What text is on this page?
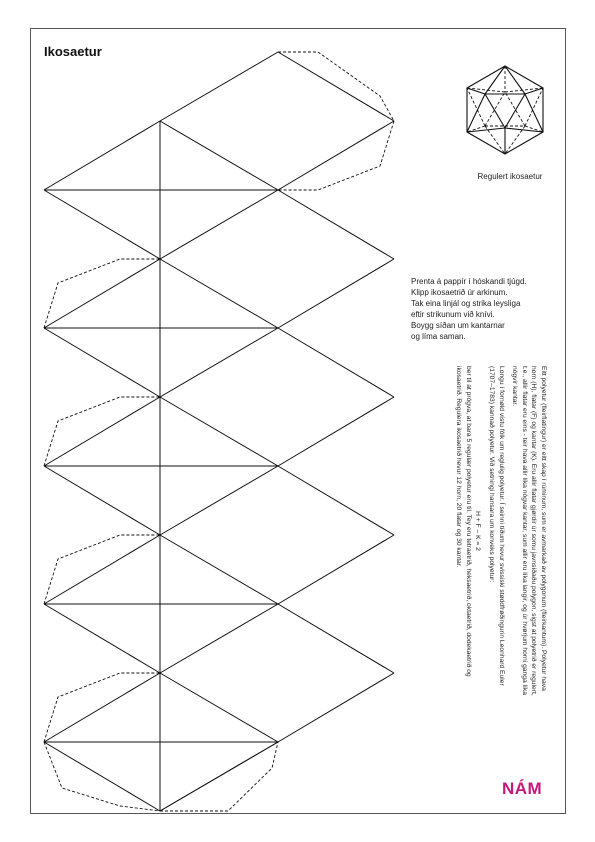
Ikosaetur
Regulert ikosaetur
Prenta á pappír í hóskandi tjúgd.
Klipp ikosaetrið úr arkinum.
Tak eina linjál og strika leysliga
eftir strikunum við knívi.
Boygg síðan um kantarnar
og líma saman.

Eitt polyetur (fleirflatingur) er eitt skap í rúminum, sum er avmarkað av polygonum (fleirkantum). Polyetur hava horn (H), flatar (F) og kantar (K). Eru allir flatar gjørdir úr somu javnsíðaðu polygon, sigst at polyetrið er regulert, t.e., allir flatar eru eins - teir hava allir líka nógvar kantar, sum allir eru líka langir, og úr hvørjum horni ganga líka nógvir kantar.

Longu í fornøld vístu fólk um reglulig polyetur. Í seinni tíðum hevur svissiski støddfrøðingurin Leonhard Euler (1707–1783) kannað polyetur. Við setningi hansara um konveks polyetur:

H + F – K = 2

ber til at prógva, at bara 5 regulær polyetur eru til. Tey eru tetraetrið, heksaetrið, oktaetrið, dodekaetrið og ikosaetrið. Regulera ikosaetrið hevur 12 horn, 20 flatar og 30 kantar.

NÁM
